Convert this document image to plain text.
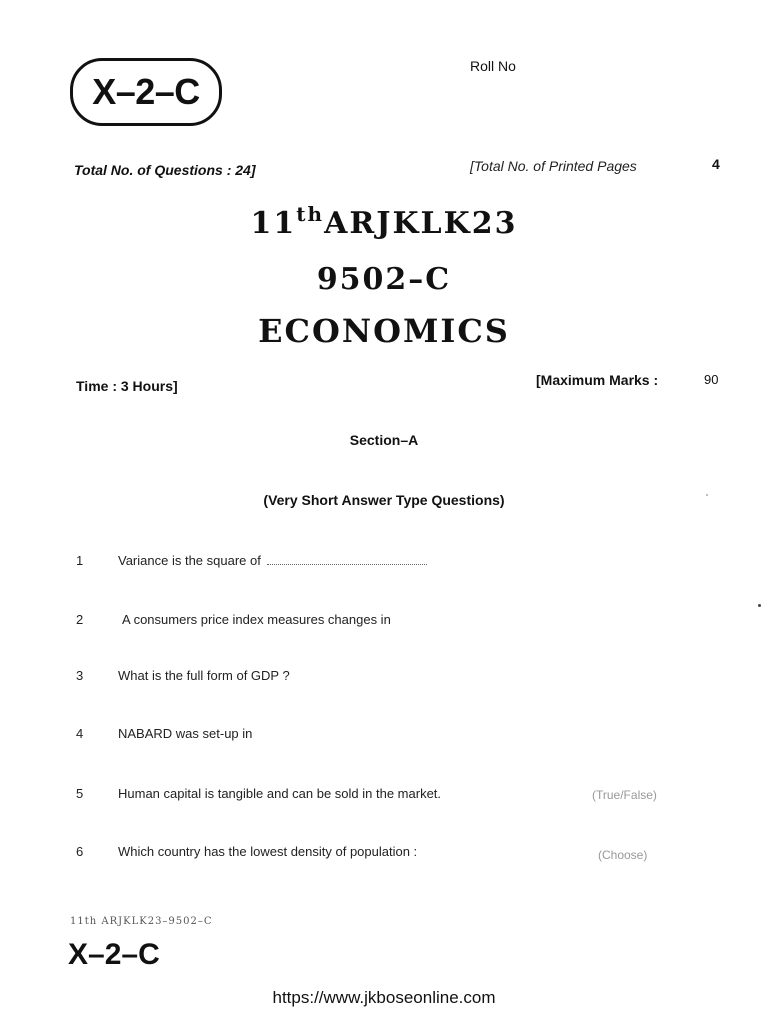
X–2–C
Roll No
Total No. of Questions : 24]	[Total No. of Printed Pages	4
11thARJKLK23
9502–C
ECONOMICS
Time : 3 Hours]	[Maximum Marks :	90
Section–A
(Very Short Answer Type Questions)
1	Variance is the square of
2	A consumers price index measures changes in
3	What is the full form of GDP ?
4	NABARD was set-up in
5	Human capital is tangible and can be sold in the market.	(True/False)
6	Which country has the lowest density of population :	(Choose)
11th ARJKLK23–9502–C
X–2–C
https://www.jkboseonline.com
